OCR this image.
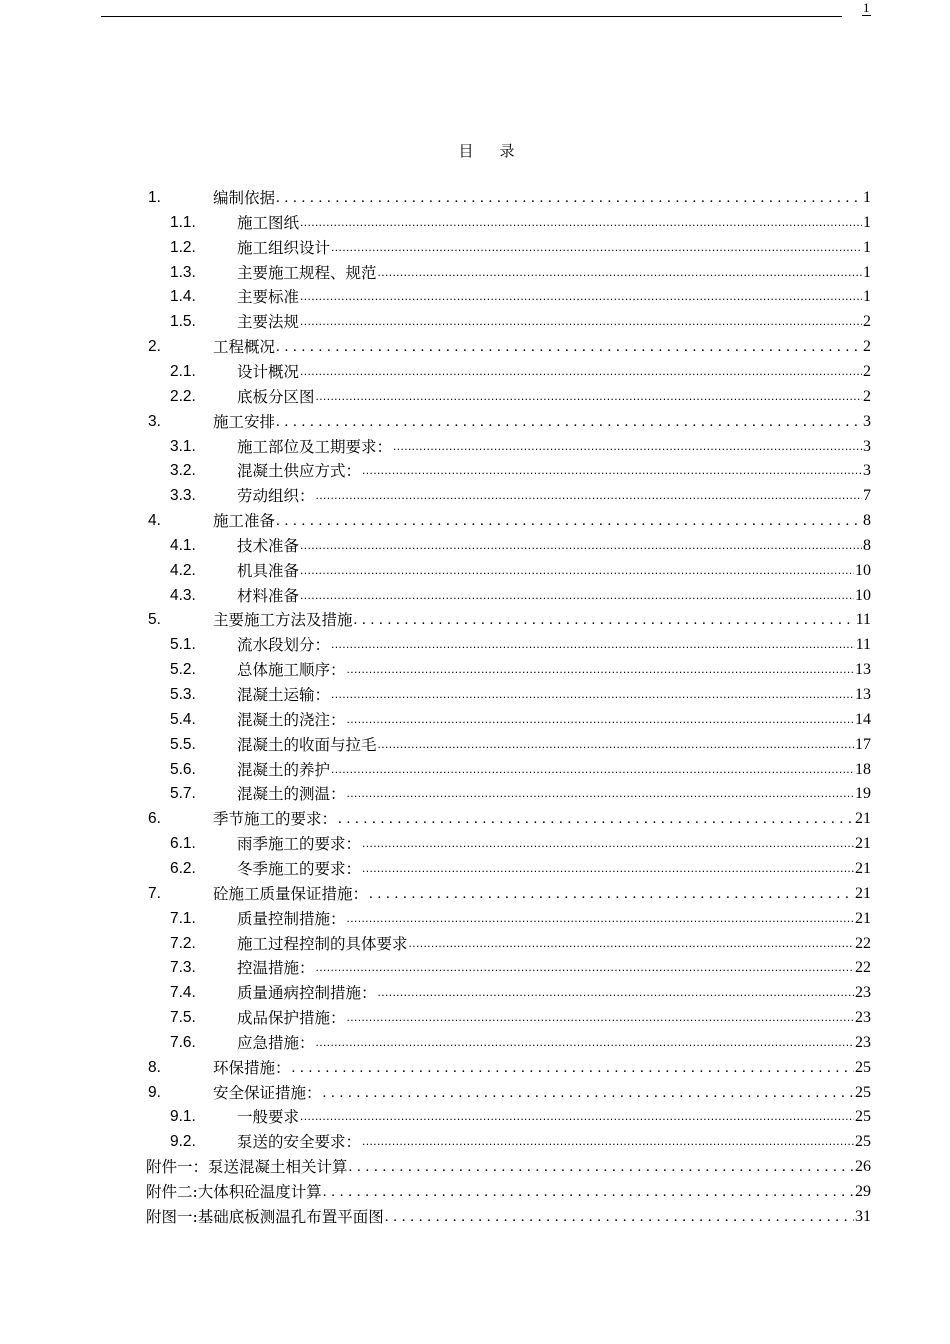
1
目 录
1.	编制依据 . . .	1
1.1.	施工图纸 .....	1
1.2.	施工组织设计 .....	1
1.3.	主要施工规程、规范 .....	1
1.4.	主要标准 .....	1
1.5.	主要法规 .....	2
2.	工程概况 . . .	2
2.1.	设计概况 .....	2
2.2.	底板分区图 .....	2
3.	施工安排 . . .	3
3.1.	施工部位及工期要求： .....	3
3.2.	混凝土供应方式： .....	3
3.3.	劳动组织： .....	7
4.	施工准备 . . .	8
4.1.	技术准备 .....	8
4.2.	机具准备 .....	10
4.3.	材料准备 .....	10
5.	主要施工方法及措施 . . .	11
5.1.	流水段划分： .....	11
5.2.	总体施工顺序： .....	13
5.3.	混凝土运输： .....	13
5.4.	混凝土的浇注： .....	14
5.5.	混凝土的收面与拉毛 .....	17
5.6.	混凝土的养护 .....	18
5.7.	混凝土的测温： .....	19
6.	季节施工的要求： . . .	21
6.1.	雨季施工的要求： .....	21
6.2.	冬季施工的要求： .....	21
7.	砼施工质量保证措施： . . .	21
7.1.	质量控制措施： .....	21
7.2.	施工过程控制的具体要求 .....	22
7.3.	控温措施： .....	22
7.4.	质量通病控制措施： .....	23
7.5.	成品保护措施： .....	23
7.6.	应急措施： .....	23
8.	环保措施： . . .	25
9.	安全保证措施： . . .	25
9.1.	一般要求 .....	25
9.2.	泵送的安全要求： .....	25
附件一：泵送混凝土相关计算 . . .	26
附件二:大体积砼温度计算 . . .	29
附图一:基础底板测温孔布置平面图 . . .	31
